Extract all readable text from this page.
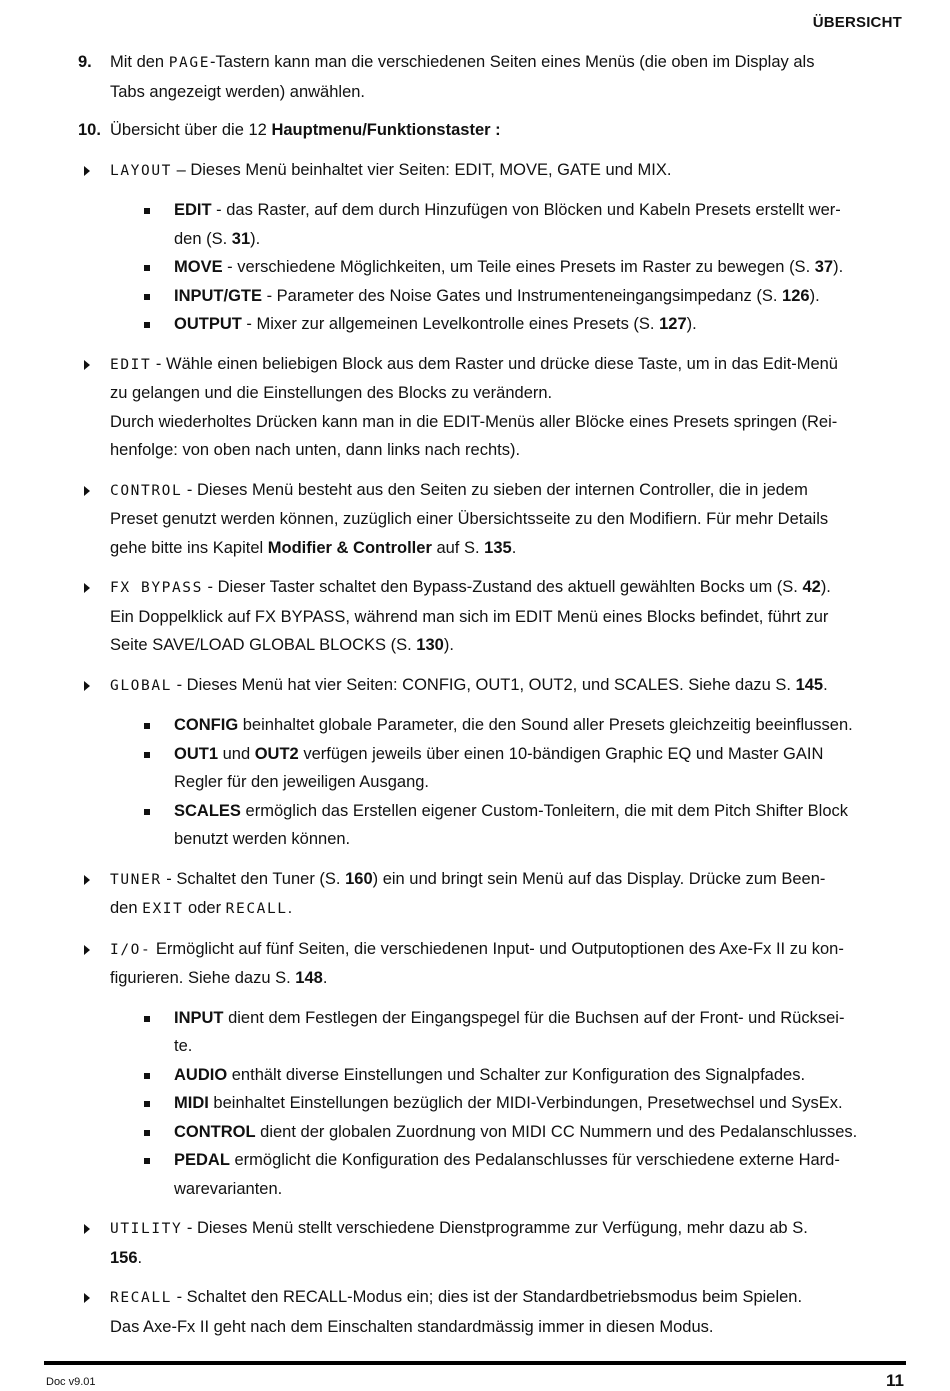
ÜBERSICHT
9. Mit den PAGE-Tastern kann man die verschiedenen Seiten eines Menüs (die oben im Display als
Tabs angezeigt werden) anwählen.
10. Übersicht über die 12 Hauptmenu/Funktionstaster :
LAYOUT – Dieses Menü beinhaltet vier Seiten: EDIT, MOVE, GATE und MIX.
EDIT - das Raster, auf dem durch Hinzufügen von Blöcken und Kabeln Presets erstellt wer-
den (S. 31).
MOVE - verschiedene Möglichkeiten, um Teile eines Presets im Raster zu bewegen (S. 37).
INPUT/GTE - Parameter des Noise Gates und Instrumenteneingangsimpedanz (S. 126).
OUTPUT - Mixer zur allgemeinen Levelkontrolle eines Presets (S. 127).
EDIT - Wähle einen beliebigen Block aus dem Raster und drücke diese Taste, um in das Edit-Menü
zu gelangen und die Einstellungen des Blocks zu verändern.
Durch wiederholtes Drücken kann man in die EDIT-Menüs aller Blöcke eines Presets springen (Rei-
henfolge: von oben nach unten, dann links nach rechts).
CONTROL - Dieses Menü besteht aus den Seiten zu sieben der internen Controller, die in jedem
Preset genutzt werden können, zuzüglich einer Übersichtsseite zu den Modifiern. Für mehr Details
gehe bitte ins Kapitel Modifier & Controller auf S. 135.
FX BYPASS - Dieser Taster schaltet den Bypass-Zustand des aktuell gewählten Bocks um (S. 42).
Ein Doppelklick auf FX BYPASS, während man sich im EDIT Menü eines Blocks befindet, führt zur
Seite SAVE/LOAD GLOBAL BLOCKS (S. 130).
GLOBAL - Dieses Menü hat vier Seiten: CONFIG, OUT1, OUT2, und SCALES. Siehe dazu S. 145.
CONFIG beinhaltet globale Parameter, die den Sound aller Presets gleichzeitig beeinflussen.
OUT1 und OUT2 verfügen jeweils über einen 10-bändigen Graphic EQ und Master GAIN
Regler für den jeweiligen Ausgang.
SCALES ermöglich das Erstellen eigener Custom-Tonleitern, die mit dem Pitch Shifter Block
benutzt werden können.
TUNER - Schaltet den Tuner (S. 160) ein und bringt sein Menü auf das Display. Drücke zum Been-
den EXIT oder RECALL.
I/O- Ermöglicht auf fünf Seiten, die verschiedenen Input- und Outputoptionen des Axe-Fx II zu kon-
figurieren. Siehe dazu S. 148.
INPUT dient dem Festlegen der Eingangspegel für die Buchsen auf der Front- und Rücksei-
te.
AUDIO enthält diverse Einstellungen und Schalter zur Konfiguration des Signalpfades.
MIDI beinhaltet Einstellungen bezüglich der MIDI-Verbindungen, Presetwechsel und SysEx.
CONTROL dient der globalen Zuordnung von MIDI CC Nummern und des Pedalanschlusses.
PEDAL ermöglicht die Konfiguration des Pedalanschlusses für verschiedene externe Hard-
warevarianten.
UTILITY - Dieses Menü stellt verschiedene Dienstprogramme zur Verfügung, mehr dazu ab S.
156.
RECALL - Schaltet den RECALL-Modus ein; dies ist der Standardbetriebsmodus beim Spielen.
Das Axe-Fx II geht nach dem Einschalten standardmässig immer in diesen Modus.
Doc v9.01	11
